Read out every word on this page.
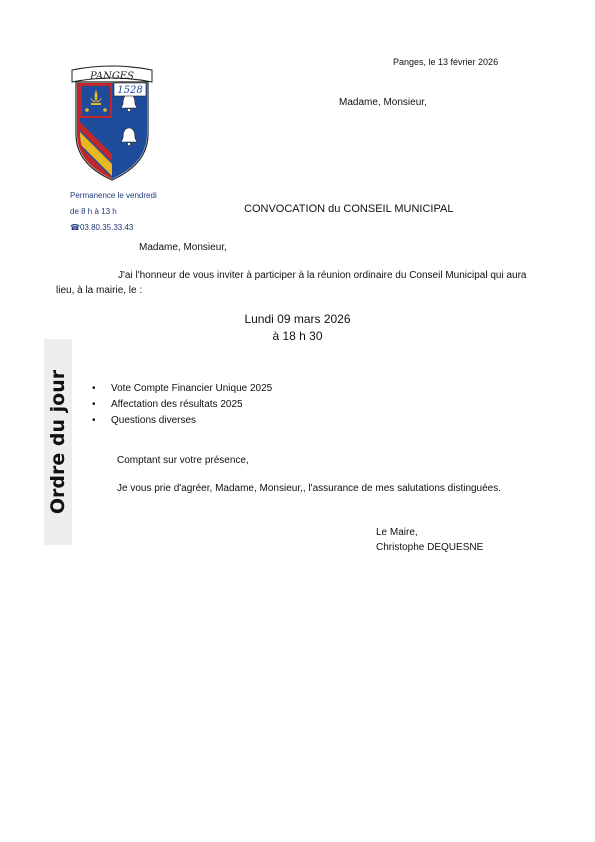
Panges, le 13 février 2026
Madame, Monsieur,
PANGES
1528
Permanence le vendredi
de 8 h à 13 h
☎03.80.35.33.43
CONVOCATION du CONSEIL MUNICIPAL
Madame, Monsieur,
J'ai l'honneur de vous inviter à participer à la réunion ordinaire du Conseil Municipal qui aura
lieu, à la mairie, le :
Lundi 09 mars 2026
à 18 h 30
Ordre du jour
•	Vote Compte Financier Unique 2025
• Affectation des résultats 2025
• Questions diverses
Comptant sur votre présence,
Je vous prie d'agréer, Madame, Monsieur,, l'assurance de mes salutations distinguées.
Le Maire,
Christophe DEQUESNE
